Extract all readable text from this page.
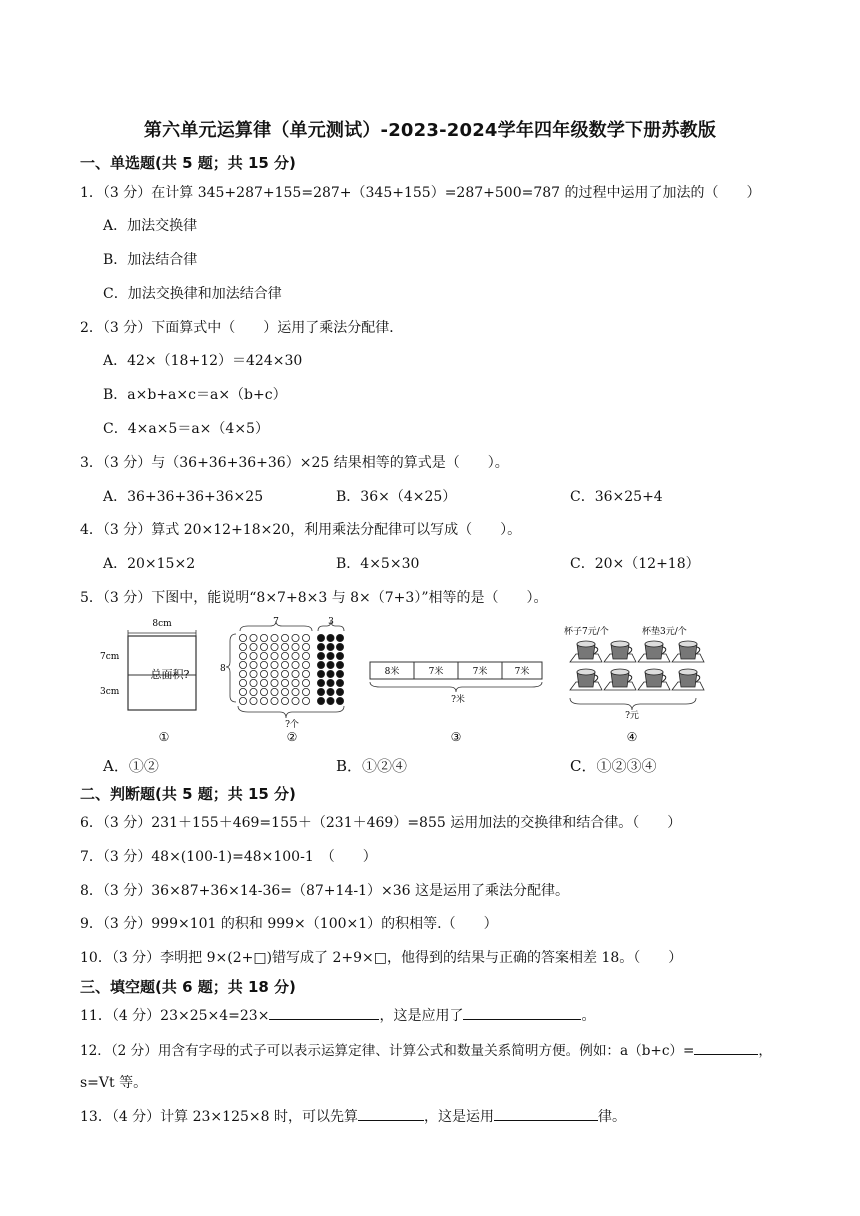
第六单元运算律（单元测试）-2023-2024学年四年级数学下册苏教版
一、单选题(共 5 题；共 15 分)
1．（3 分）在计算 345+287+155=287+（345+155）=287+500=787 的过程中运用了加法的（　　）
A．加法交换律
B．加法结合律
C．加法交换律和加法结合律
2．（3 分）下面算式中（　　）运用了乘法分配律．
A．42×（18+12）＝424×30
B．a×b+a×c＝a×（b+c）
C．4×a×5＝a×（4×5）
3．（3 分）与（36+36+36+36）×25 结果相等的算式是（　　）。
A．36+36+36+36×25	B．36×（4×25）	C．36×25+4
4．（3 分）算式 20×12+18×20，利用乘法分配律可以写成（　　）。
A．20×15×2	B．4×5×30	C．20×（12+18）
5．（3 分）下图中，能说明“8×7+8×3 与 8×（7+3）”相等的是（　　）。
8cm
7cm
3cm
总面积?
①
7	3
8
?个
②
8米	7米	7米	7米
?米
③
杯子7元/个	杯垫3元/个
?元
④
A．①②	B．①②④	C．①②③④
二、判断题(共 5 题；共 15 分)
6．（3 分）231＋155＋469=155＋（231＋469）=855 运用加法的交换律和结合律。（　　）
7．（3 分）48×(100-1)=48×100-1　（　　）
8．（3 分）36×87+36×14-36=（87+14-1）×36 这是运用了乘法分配律。
9．（3 分）999×101 的积和 999×（100×1）的积相等.（　　）
10．（3 分）李明把 9×(2+□)错写成了 2+9×□，他得到的结果与正确的答案相差 18。（　　）
三、填空题(共 6 题；共 18 分)
11．（4 分）23×25×4=23×	，这是应用了	。
12．（2 分）用含有字母的式子可以表示运算定律、计算公式和数量关系简明方便。例如：a（b+c）=	，
s=Vt 等。
13．（4 分）计算 23×125×8 时，可以先算	，这是运用	律。
